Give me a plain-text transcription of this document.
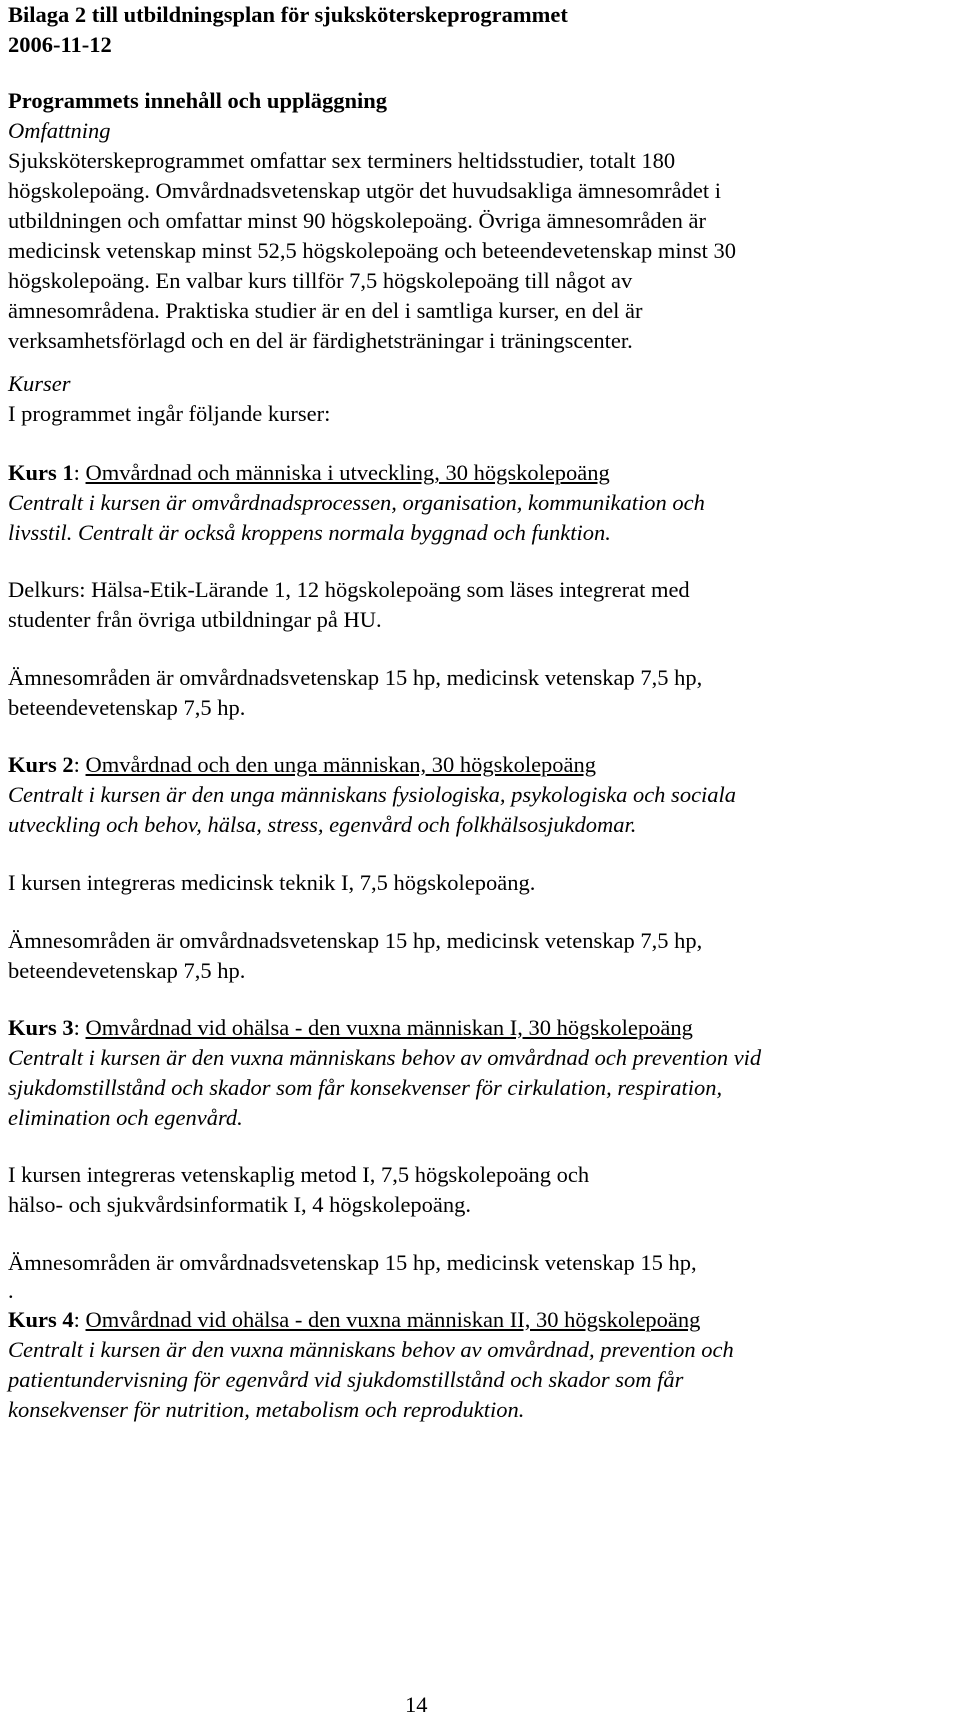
Bilaga 2 till utbildningsplan för sjuksköterskeprogrammet
2006-11-12
Programmets innehåll och uppläggning
Omfattning
Sjuksköterskeprogrammet omfattar sex terminers heltidsstudier, totalt 180
högskolepoäng. Omvårdnadsvetenskap utgör det huvudsakliga ämnesområdet i
utbildningen och omfattar minst 90 högskolepoäng. Övriga ämnesområden är
medicinsk vetenskap minst 52,5 högskolepoäng och beteendevetenskap minst 30
högskolepoäng. En valbar kurs tillför 7,5 högskolepoäng till något av
ämnesområdena. Praktiska studier är en del i samtliga kurser, en del är
verksamhetsförlagd och en del är färdighetsträningar i träningscenter.
Kurser
I programmet ingår följande kurser:
Kurs 1: Omvårdnad och människa i utveckling, 30 högskolepoäng
Centralt i kursen är omvårdnadsprocessen, organisation, kommunikation och
livsstil. Centralt är också kroppens normala byggnad och funktion.
Delkurs: Hälsa-Etik-Lärande 1, 12 högskolepoäng som läses integrerat med
studenter från övriga utbildningar på HU.
Ämnesområden är omvårdnadsvetenskap 15 hp, medicinsk vetenskap 7,5 hp,
beteendevetenskap 7,5 hp.
Kurs 2: Omvårdnad och den unga människan, 30 högskolepoäng
Centralt i kursen är den unga människans fysiologiska, psykologiska och sociala
utveckling och behov, hälsa, stress, egenvård och folkhälsosjukdomar.
I kursen integreras medicinsk teknik I, 7,5 högskolepoäng.
Ämnesområden är omvårdnadsvetenskap 15 hp, medicinsk vetenskap 7,5 hp,
beteendevetenskap 7,5 hp.
Kurs 3: Omvårdnad vid ohälsa - den vuxna människan I, 30 högskolepoäng
Centralt i kursen är den vuxna människans behov av omvårdnad och prevention vid
sjukdomstillstånd och skador som får konsekvenser för cirkulation, respiration,
elimination och egenvård.
I kursen integreras vetenskaplig metod I, 7,5 högskolepoäng och
hälso- och sjukvårdsinformatik I, 4 högskolepoäng.
Ämnesområden är omvårdnadsvetenskap 15 hp, medicinsk vetenskap 15 hp,
.
Kurs 4: Omvårdnad vid ohälsa - den vuxna människan II, 30 högskolepoäng
Centralt i kursen är den vuxna människans behov av omvårdnad, prevention och
patientundervisning för egenvård vid sjukdomstillstånd och skador som får
konsekvenser för nutrition, metabolism och reproduktion.
14
